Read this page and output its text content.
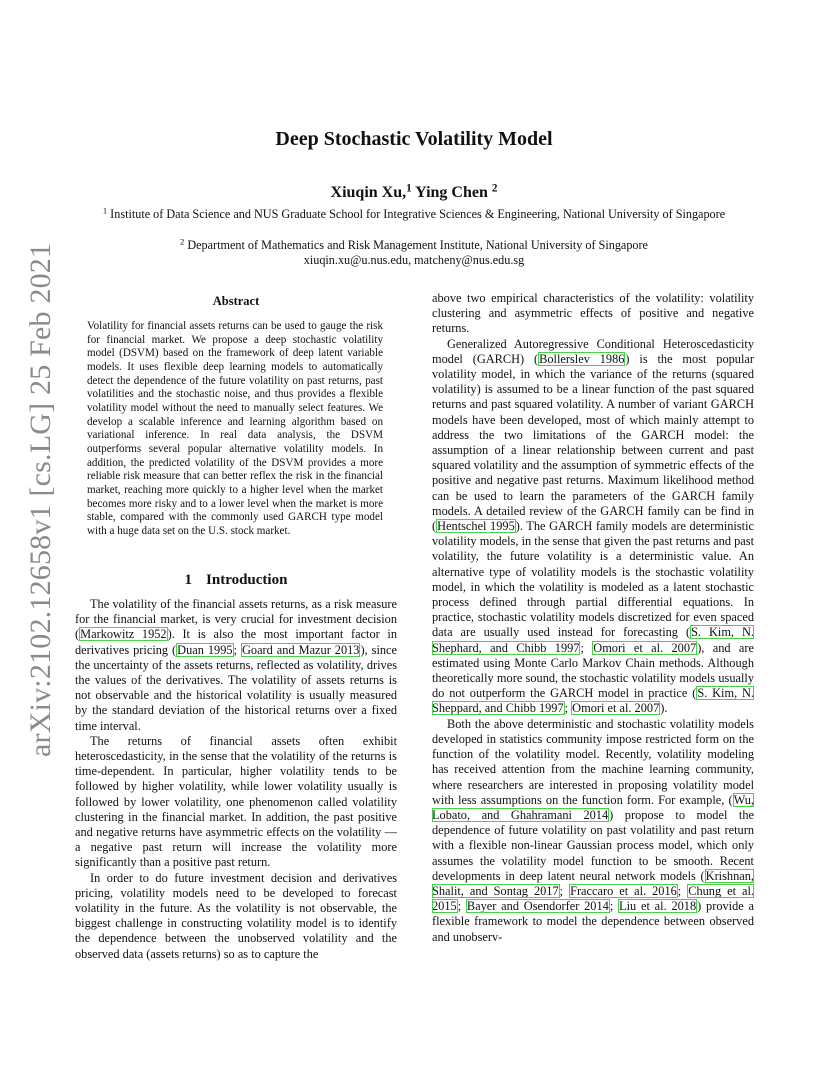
arXiv:2102.12658v1 [cs.LG] 25 Feb 2021
Deep Stochastic Volatility Model
Xiuqin Xu,$^1$ Ying Chen $^2$
$^1$ Institute of Data Science and NUS Graduate School for Integrative Sciences & Engineering, National University of Singapore
$^2$ Department of Mathematics and Risk Management Institute, National University of Singapore
xiuqin.xu@u.nus.edu, matcheny@nus.edu.sg
Abstract
Volatility for financial assets returns can be used to gauge the risk for financial market. We propose a deep stochastic volatility model (DSVM) based on the framework of deep latent variable models. It uses flexible deep learning models to automatically detect the dependence of the future volatility on past returns, past volatilities and the stochastic noise, and thus provides a flexible volatility model without the need to manually select features. We develop a scalable inference and learning algorithm based on variational inference. In real data analysis, the DSVM outperforms several popular alternative volatility models. In addition, the predicted volatility of the DSVM provides a more reliable risk measure that can better reflex the risk in the financial market, reaching more quickly to a higher level when the market becomes more risky and to a lower level when the market is more stable, compared with the commonly used GARCH type model with a huge data set on the U.S. stock market.
1 Introduction

The volatility of the financial assets returns, as a risk measure for the financial market, is very crucial for investment decision (Markowitz 1952). It is also the most important factor in derivatives pricing (Duan 1995; Goard and Mazur 2013), since the uncertainty of the assets returns, reflected as volatility, drives the values of the derivatives. The volatility of assets returns is not observable and the historical volatility is usually measured by the standard deviation of the historical returns over a fixed time interval.

The returns of financial assets often exhibit heteroscedasticity, in the sense that the volatility of the returns is time-dependent. In particular, higher volatility tends to be followed by higher volatility, while lower volatility usually is followed by lower volatility, one phenomenon called volatility clustering in the financial market. In addition, the past positive and negative returns have asymmetric effects on the volatility — a negative past return will increase the volatility more significantly than a positive past return.

In order to do future investment decision and derivatives pricing, volatility models need to be developed to forecast volatility in the future. As the volatility is not observable, the biggest challenge in constructing volatility model is to identify the dependence between the unobserved volatility and the observed data (assets returns) so as to capture the

above two empirical characteristics of the volatility: volatility clustering and asymmetric effects of positive and negative returns.

Generalized Autoregressive Conditional Heteroscedasticity model (GARCH) (Bollerslev 1986) is the most popular volatility model, in which the variance of the returns (squared volatility) is assumed to be a linear function of the past squared returns and past squared volatility. A number of variant GARCH models have been developed, most of which mainly attempt to address the two limitations of the GARCH model: the assumption of a linear relationship between current and past squared volatility and the assumption of symmetric effects of the positive and negative past returns. Maximum likelihood method can be used to learn the parameters of the GARCH family models. A detailed review of the GARCH family can be find in (Hentschel 1995). The GARCH family models are deterministic volatility models, in the sense that given the past returns and past volatility, the future volatility is a deterministic value. An alternative type of volatility models is the stochastic volatility model, in which the volatility is modeled as a latent stochastic process defined through partial differential equations. In practice, stochastic volatility models discretized for even spaced data are usually used instead for forecasting (S. Kim, N. Shephard, and Chibb 1997; Omori et al. 2007), and are estimated using Monte Carlo Markov Chain methods. Although theoretically more sound, the stochastic volatility models usually do not outperform the GARCH model in practice (S. Kim, N. Sheppard, and Chibb 1997; Omori et al. 2007).

Both the above deterministic and stochastic volatility models developed in statistics community impose restricted form on the function of the volatility model. Recently, volatility modeling has received attention from the machine learning community, where researchers are interested in proposing volatility model with less assumptions on the function form. For example, (Wu, Lobato, and Ghahramani 2014) propose to model the dependence of future volatility on past volatility and past return with a flexible non-linear Gaussian process model, which only assumes the volatility model function to be smooth. Recent developments in deep latent neural network models (Krishnan, Shalit, and Sontag 2017; Fraccaro et al. 2016; Chung et al. 2015; Bayer and Osendorfer 2014; Liu et al. 2018) provide a flexible framework to model the dependence between observed and unobserv-
